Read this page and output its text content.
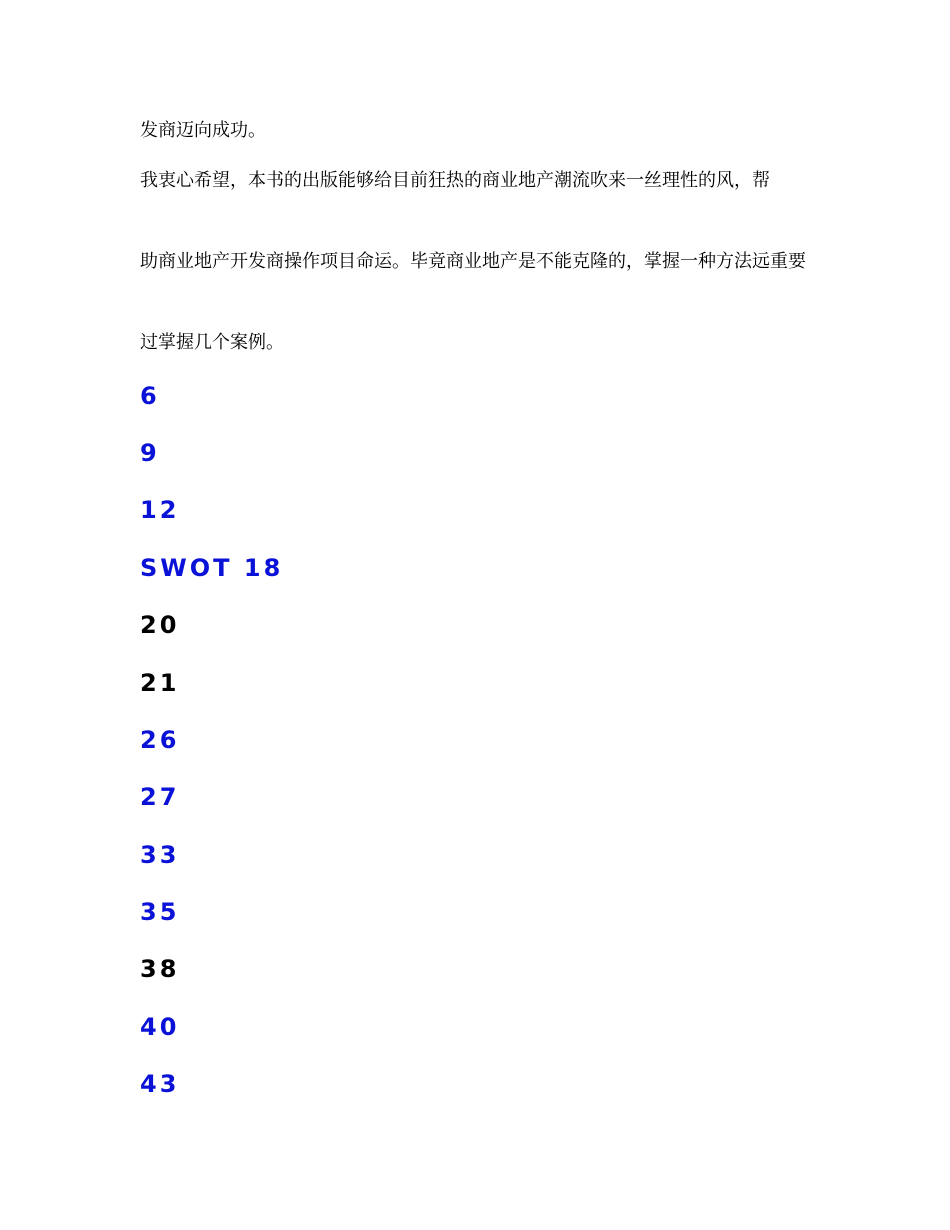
发商迈向成功。

我衷心希望，本书的出版能够给目前狂热的商业地产潮流吹来一丝理性的风，帮

助商业地产开发商操作项目命运。毕竟商业地产是不能克隆的，掌握一种方法远重要

过掌握几个案例。

6
9
12
SWOT 18
20
21
26
27
33
35
38
40
43
